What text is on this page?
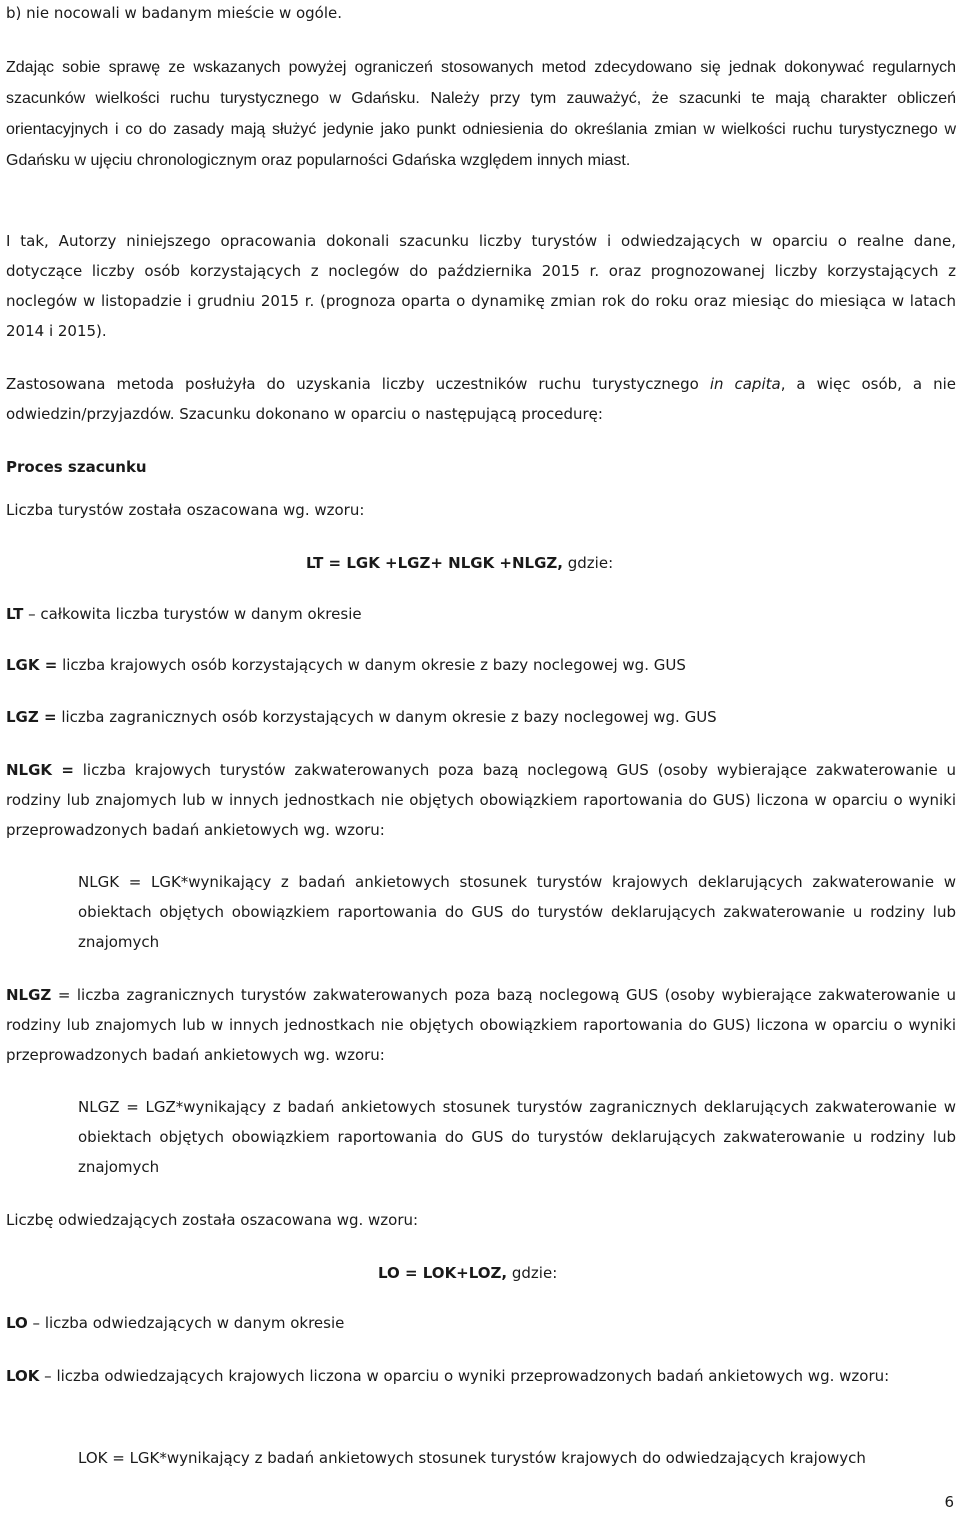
b) nie nocowali w badanym mieście w ogóle.

Zdając sobie sprawę ze wskazanych powyżej ograniczeń stosowanych metod zdecydowano się jednak dokonywać regularnych szacunków wielkości ruchu turystycznego w Gdańsku. Należy przy tym zauważyć, że szacunki te mają charakter obliczeń orientacyjnych i co do zasady mają służyć jedynie jako punkt odniesienia do określania zmian w wielkości ruchu turystycznego w Gdańsku w ujęciu chronologicznym oraz popularności Gdańska względem innych miast.

I tak, Autorzy niniejszego opracowania dokonali szacunku liczby turystów i odwiedzających w oparciu o realne dane, dotyczące liczby osób korzystających z noclegów do października 2015 r. oraz prognozowanej liczby korzystających z noclegów w listopadzie i grudniu 2015 r. (prognoza oparta o dynamikę zmian rok do roku oraz miesiąc do miesiąca w latach 2014 i 2015).

Zastosowana metoda posłużyła do uzyskania liczby uczestników ruchu turystycznego in capita, a więc osób, a nie odwiedzin/przyjazdów. Szacunku dokonano w oparciu o następującą procedurę:

Proces szacunku

Liczba turystów została oszacowana wg. wzoru:

LT = LGK +LGZ+ NLGK +NLGZ, gdzie:

LT – całkowita liczba turystów w danym okresie

LGK = liczba krajowych osób korzystających w danym okresie z bazy noclegowej wg. GUS

LGZ = liczba zagranicznych osób korzystających w danym okresie z bazy noclegowej wg. GUS

NLGK = liczba krajowych turystów zakwaterowanych poza bazą noclegową GUS (osoby wybierające zakwaterowanie u rodziny lub znajomych lub w innych jednostkach nie objętych obowiązkiem raportowania do GUS) liczona w oparciu o wyniki przeprowadzonych badań ankietowych wg. wzoru:

NLGK = LGK*wynikający z badań ankietowych stosunek turystów krajowych deklarujących zakwaterowanie w obiektach objętych obowiązkiem raportowania do GUS do turystów deklarujących zakwaterowanie u rodziny lub znajomych

NLGZ = liczba zagranicznych turystów zakwaterowanych poza bazą noclegową GUS (osoby wybierające zakwaterowanie u rodziny lub znajomych lub w innych jednostkach nie objętych obowiązkiem raportowania do GUS) liczona w oparciu o wyniki przeprowadzonych badań ankietowych wg. wzoru:

NLGZ = LGZ*wynikający z badań ankietowych stosunek turystów zagranicznych deklarujących zakwaterowanie w obiektach objętych obowiązkiem raportowania do GUS do turystów deklarujących zakwaterowanie u rodziny lub znajomych

Liczbę odwiedzających została oszacowana wg. wzoru:

LO = LOK+LOZ, gdzie:

LO – liczba odwiedzających w danym okresie

LOK – liczba odwiedzających krajowych liczona w oparciu o wyniki przeprowadzonych badań ankietowych wg. wzoru:

LOK = LGK*wynikający z badań ankietowych stosunek turystów krajowych do odwiedzających krajowych

6
